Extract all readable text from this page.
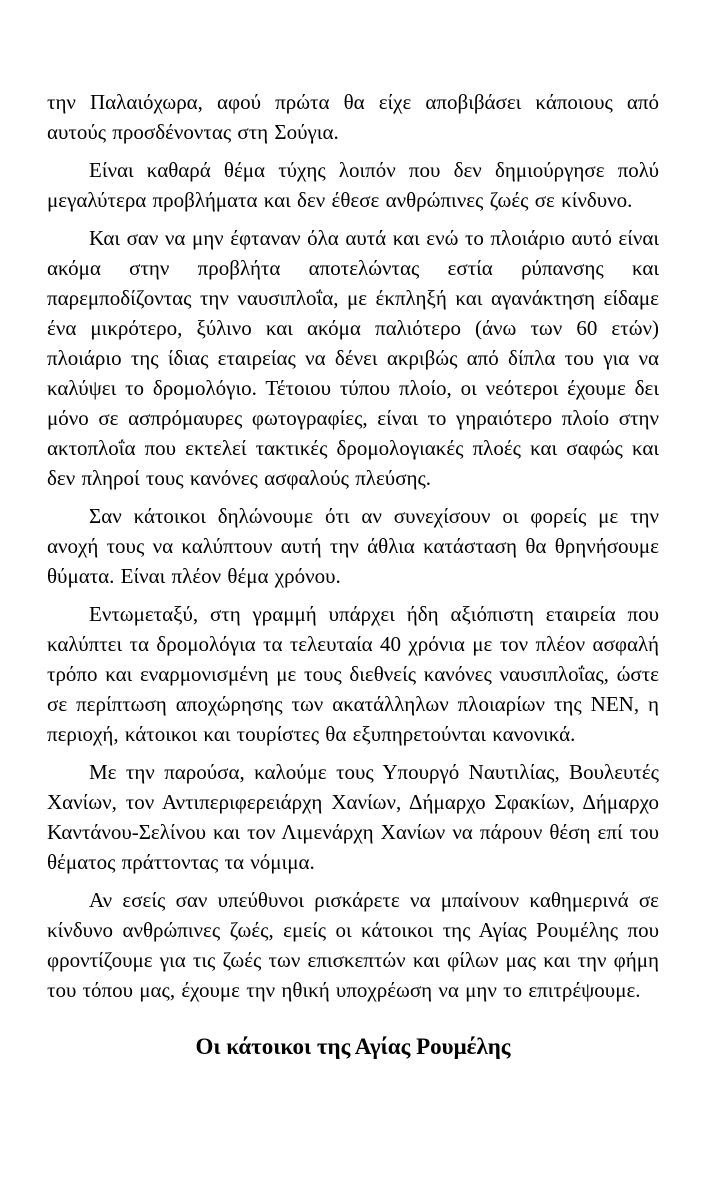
την Παλαιόχωρα, αφού πρώτα θα είχε αποβιβάσει κάποιους από αυτούς προσδένοντας στη Σούγια.

Είναι καθαρά θέμα τύχης λοιπόν που δεν δημιούργησε πολύ μεγαλύτερα προβλήματα και δεν έθεσε ανθρώπινες ζωές σε κίνδυνο.

Και σαν να μην έφταναν όλα αυτά και ενώ το πλοιάριο αυτό είναι ακόμα στην προβλήτα αποτελώντας εστία ρύπανσης και παρεμποδίζοντας την ναυσιπλοΐα, με έκπληξή και αγανάκτηση είδαμε ένα μικρότερο, ξύλινο και ακόμα παλιότερο (άνω των 60 ετών) πλοιάριο της ίδιας εταιρείας να δένει ακριβώς από δίπλα του για να καλύψει το δρομολόγιο. Τέτοιου τύπου πλοίο, οι νεότεροι έχουμε δει μόνο σε ασπρόμαυρες φωτογραφίες, είναι το γηραιότερο πλοίο στην ακτοπλοΐα που εκτελεί τακτικές δρομολογιακές πλοές και σαφώς και δεν πληροί τους κανόνες ασφαλούς πλεύσης.

Σαν κάτοικοι δηλώνουμε ότι αν συνεχίσουν οι φορείς με την ανοχή τους να καλύπτουν αυτή την άθλια κατάσταση θα θρηνήσουμε θύματα. Είναι πλέον θέμα χρόνου.

Εντωμεταξύ, στη γραμμή υπάρχει ήδη αξιόπιστη εταιρεία που καλύπτει τα δρομολόγια τα τελευταία 40 χρόνια με τον πλέον ασφαλή τρόπο και εναρμονισμένη με τους διεθνείς κανόνες ναυσιπλοΐας, ώστε σε περίπτωση αποχώρησης των ακατάλληλων πλοιαρίων της ΝΕΝ, η περιοχή, κάτοικοι και τουρίστες θα εξυπηρετούνται κανονικά.

Με την παρούσα, καλούμε τους Υπουργό Ναυτιλίας, Βουλευτές Χανίων, τον Αντιπεριφερειάρχη Χανίων, Δήμαρχο Σφακίων, Δήμαρχο Καντάνου-Σελίνου και τον Λιμενάρχη Χανίων να πάρουν θέση επί του θέματος πράττοντας τα νόμιμα.

Αν εσείς σαν υπεύθυνοι ρισκάρετε να μπαίνουν καθημερινά σε κίνδυνο ανθρώπινες ζωές, εμείς οι κάτοικοι της Αγίας Ρουμέλης που φροντίζουμε για τις ζωές των επισκεπτών και φίλων μας και την φήμη του τόπου μας, έχουμε την ηθική υποχρέωση να μην το επιτρέψουμε.

Οι κάτοικοι της Αγίας Ρουμέλης
